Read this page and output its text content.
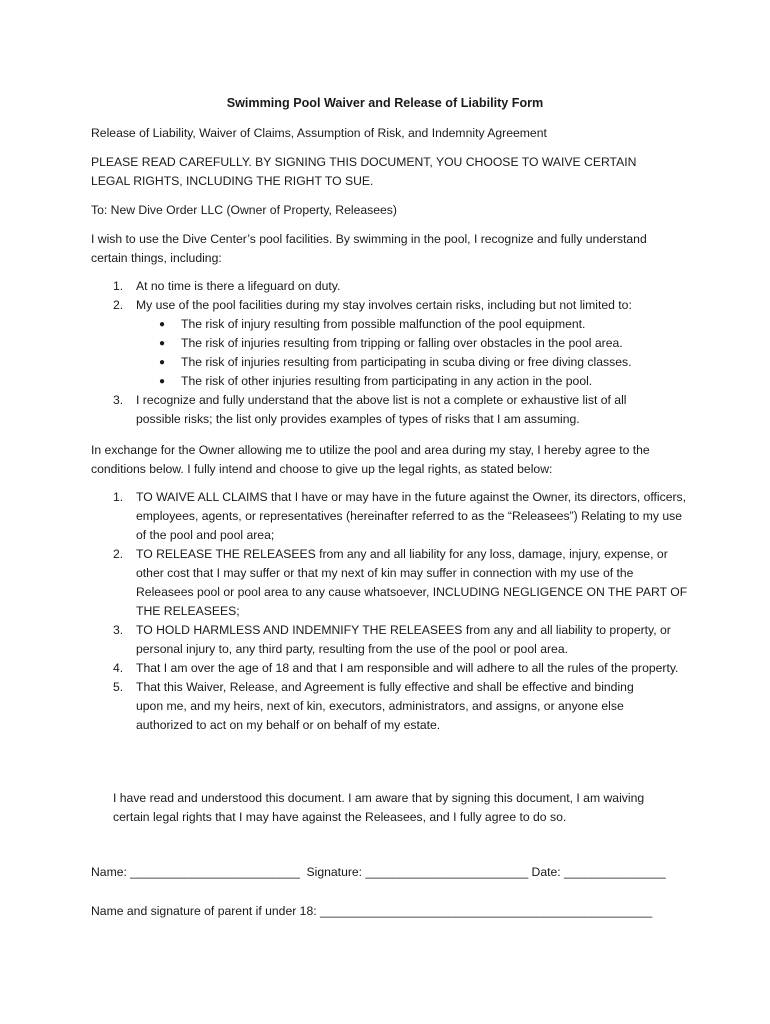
Swimming Pool Waiver and Release of Liability Form
Release of Liability, Waiver of Claims, Assumption of Risk, and Indemnity Agreement
PLEASE READ CAREFULLY. BY SIGNING THIS DOCUMENT, YOU CHOOSE TO WAIVE CERTAIN LEGAL RIGHTS, INCLUDING THE RIGHT TO SUE.
To: New Dive Order LLC (Owner of Property, Releasees)
I wish to use the Dive Center’s pool facilities. By swimming in the pool, I recognize and fully understand certain things, including:
1. At no time is there a lifeguard on duty.
2. My use of the pool facilities during my stay involves certain risks, including but not limited to:
● The risk of injury resulting from possible malfunction of the pool equipment.
● The risk of injuries resulting from tripping or falling over obstacles in the pool area.
● The risk of injuries resulting from participating in scuba diving or free diving classes.
● The risk of other injuries resulting from participating in any action in the pool.
3. I recognize and fully understand that the above list is not a complete or exhaustive list of all possible risks; the list only provides examples of types of risks that I am assuming.
In exchange for the Owner allowing me to utilize the pool and area during my stay, I hereby agree to the conditions below. I fully intend and choose to give up the legal rights, as stated below:
1. TO WAIVE ALL CLAIMS that I have or may have in the future against the Owner, its directors, officers, employees, agents, or representatives (hereinafter referred to as the “Releasees”) Relating to my use of the pool and pool area;
2. TO RELEASE THE RELEASEES from any and all liability for any loss, damage, injury, expense, or other cost that I may suffer or that my next of kin may suffer in connection with my use of the Releasees pool or pool area to any cause whatsoever, INCLUDING NEGLIGENCE ON THE PART OF THE RELEASEES;
3. TO HOLD HARMLESS AND INDEMNIFY THE RELEASEES from any and all liability to property, or personal injury to, any third party, resulting from the use of the pool or pool area.
4. That I am over the age of 18 and that I am responsible and will adhere to all the rules of the property.
5. That this Waiver, Release, and Agreement is fully effective and shall be effective and binding upon me, and my heirs, next of kin, executors, administrators, and assigns, or anyone else authorized to act on my behalf or on behalf of my estate.
I have read and understood this document. I am aware that by signing this document, I am waiving certain legal rights that I may have against the Releasees, and I fully agree to do so.
Name: _________________________  Signature: ________________________ Date: _______________
Name and signature of parent if under 18: _________________________________________________
